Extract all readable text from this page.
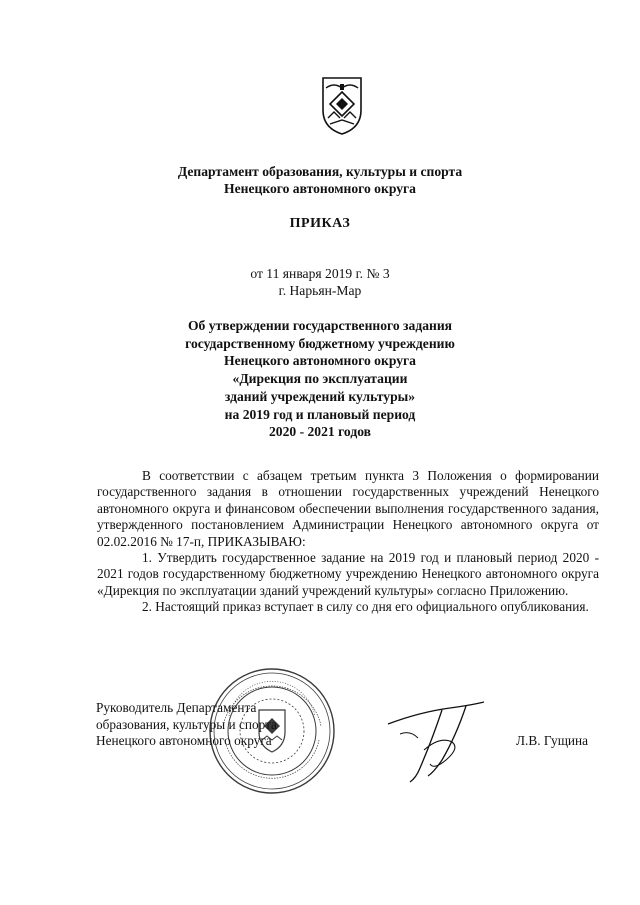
Департамент образования, культуры и спорта
Ненецкого автономного округа
ПРИКАЗ
от 11 января 2019 г. № 3
г. Нарьян-Мар
Об утверждении государственного задания
государственному бюджетному учреждению
Ненецкого автономного округа
«Дирекция по эксплуатации
зданий учреждений культуры»
на 2019 год и плановый период
2020 - 2021 годов

В соответствии с абзацем третьим пункта 3 Положения о формировании государственного задания в отношении государственных учреждений Ненецкого автономного округа и финансовом обеспечении выполнения государственного задания, утвержденного постановлением Администрации Ненецкого автономного округа от 02.02.2016 № 17-п, ПРИКАЗЫВАЮ:

1. Утвердить государственное задание на 2019 год и плановый период 2020 - 2021 годов государственному бюджетному учреждению Ненецкого автономного округа «Дирекция по эксплуатации зданий учреждений культуры» согласно Приложению.

2. Настоящий приказ вступает в силу со дня его официального опубликования.

Руководитель Департамента
образования, культуры и спорта
Ненецкого автономного округа	Л.В. Гущина
